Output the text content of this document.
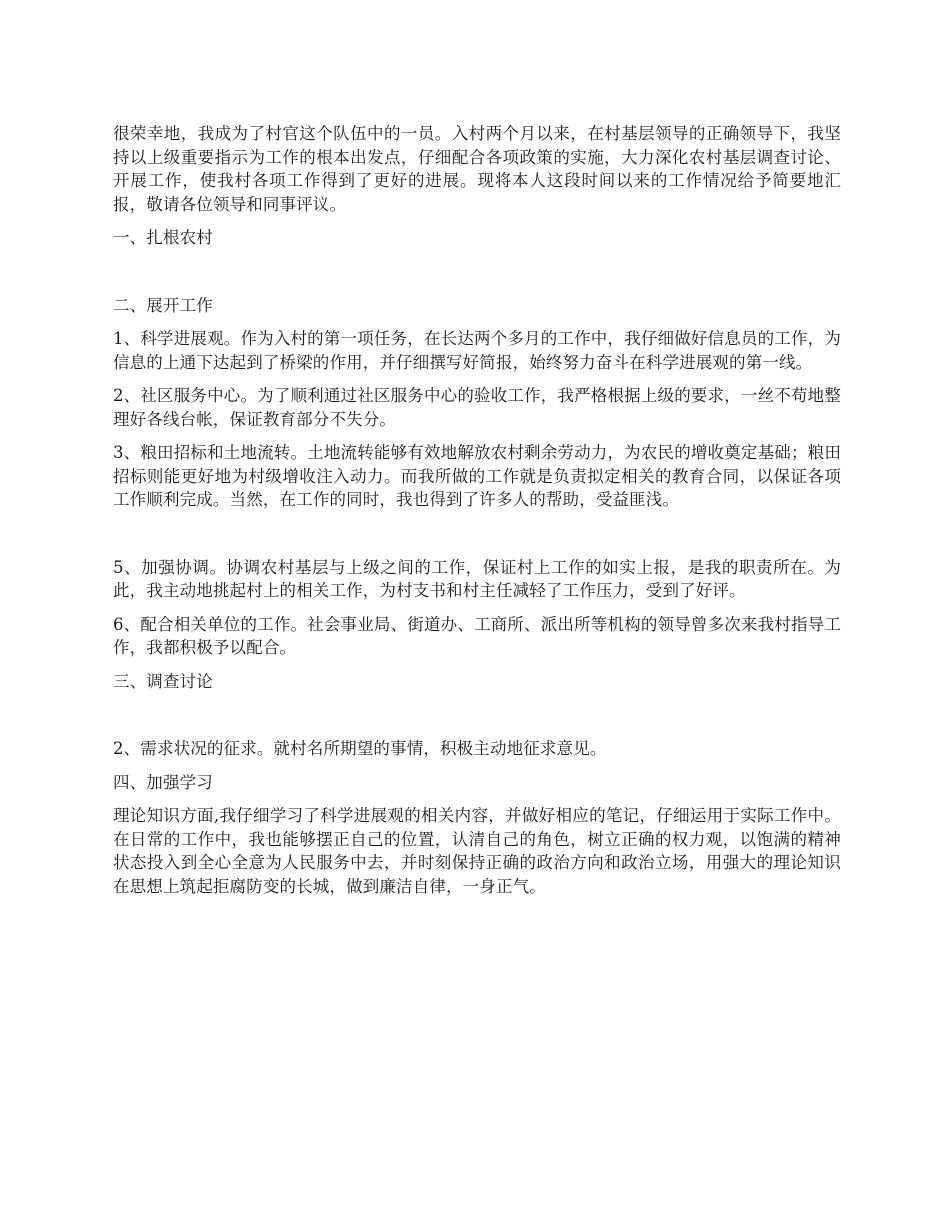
很荣幸地，我成为了村官这个队伍中的一员。入村两个月以来，在村基层领导的正确领导下，我坚持以上级重要指示为工作的根本出发点，仔细配合各项政策的实施，大力深化农村基层调查讨论、开展工作，使我村各项工作得到了更好的进展。现将本人这段时间以来的工作情况给予简要地汇报，敬请各位领导和同事评议。

一、扎根农村

二、展开工作

1、科学进展观。作为入村的第一项任务，在长达两个多月的工作中，我仔细做好信息员的工作，为信息的上通下达起到了桥梁的作用，并仔细撰写好简报，始终努力奋斗在科学进展观的第一线。

2、社区服务中心。为了顺利通过社区服务中心的验收工作，我严格根据上级的要求，一丝不苟地整理好各线台帐，保证教育部分不失分。

3、粮田招标和土地流转。土地流转能够有效地解放农村剩余劳动力，为农民的增收奠定基础；粮田招标则能更好地为村级增收注入动力。而我所做的工作就是负责拟定相关的教育合同，以保证各项工作顺利完成。当然，在工作的同时，我也得到了许多人的帮助，受益匪浅。

5、加强协调。协调农村基层与上级之间的工作，保证村上工作的如实上报，是我的职责所在。为此，我主动地挑起村上的相关工作，为村支书和村主任减轻了工作压力，受到了好评。

6、配合相关单位的工作。社会事业局、街道办、工商所、派出所等机构的领导曾多次来我村指导工作，我都积极予以配合。

三、调查讨论

2、需求状况的征求。就村名所期望的事情，积极主动地征求意见。

四、加强学习

理论知识方面,我仔细学习了科学进展观的相关内容，并做好相应的笔记，仔细运用于实际工作中。在日常的工作中，我也能够摆正自己的位置，认清自己的角色，树立正确的权力观，以饱满的精神状态投入到全心全意为人民服务中去，并时刻保持正确的政治方向和政治立场，用强大的理论知识在思想上筑起拒腐防变的长城，做到廉洁自律，一身正气。
